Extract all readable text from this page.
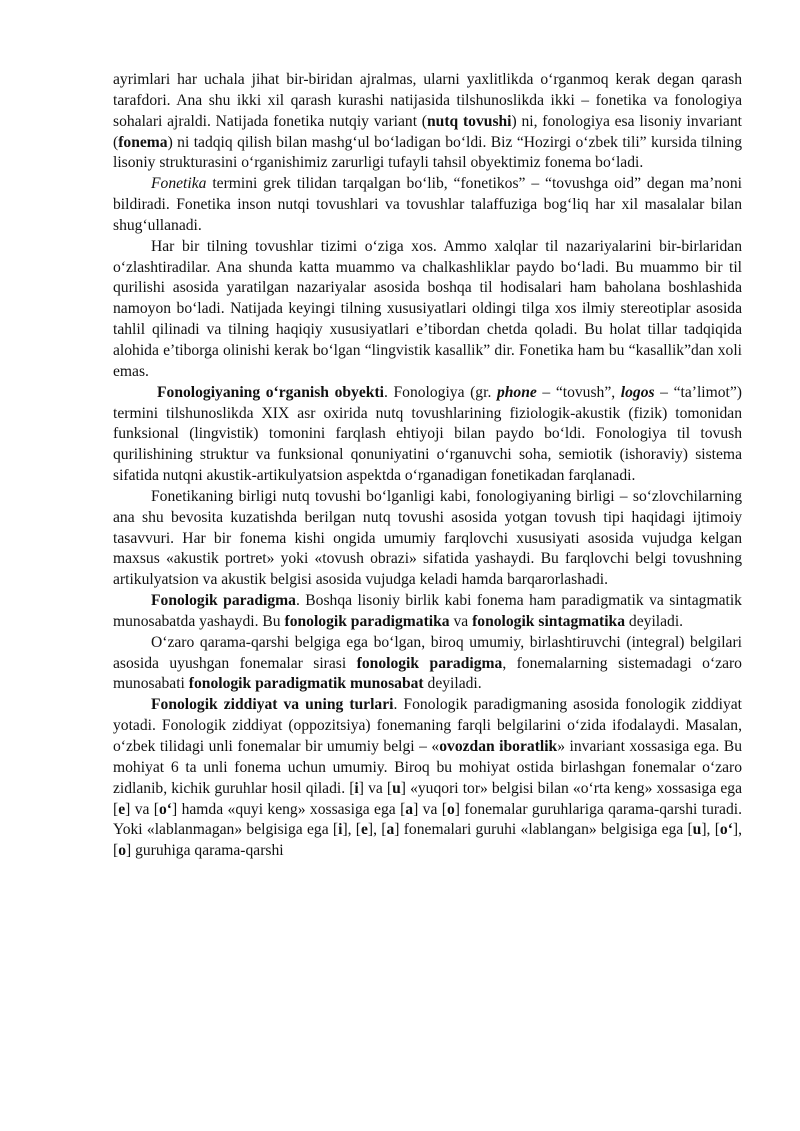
ayrimlari har uchala jihat bir-biridan ajralmas, ularni yaxlitlikda o‘rganmoq kerak degan qarash tarafdori. Ana shu ikki xil qarash kurashi natijasida tilshunoslikda ikki – fonetika va fonologiya sohalari ajraldi. Natijada fonetika nutqiy variant (nutq tovushi) ni, fonologiya esa lisoniy invariant (fonema) ni tadqiq qilish bilan mashg‘ul bo‘ladigan bo‘ldi. Biz “Hozirgi o‘zbek tili” kursida tilning lisoniy strukturasini o‘rganishimiz zarurligi tufayli tahsil obyektimiz fonema bo‘ladi.

Fonetika termini grek tilidan tarqalgan bo‘lib, “fonetikos” – “tovushga oid” degan ma’noni bildiradi. Fonetika inson nutqi tovushlari va tovushlar talaffuziga bog‘liq har xil masalalar bilan shug‘ullanadi.

Har bir tilning tovushlar tizimi o‘ziga xos. Ammo xalqlar til nazariyalarini bir-birlaridan o‘zlashtiradilar. Ana shunda katta muammo va chalkashliklar paydo bo‘ladi. Bu muammo bir til qurilishi asosida yaratilgan nazariyalar asosida boshqa til hodisalari ham baholana boshlashida namoyon bo‘ladi. Natijada keyingi tilning xususiyatlari oldingi tilga xos ilmiy stereotiplar asosida tahlil qilinadi va tilning haqiqiy xususiyatlari e’tibordan chetda qoladi. Bu holat tillar tadqiqida alohida e’tiborga olinishi kerak bo‘lgan “lingvistik kasallik” dir. Fonetika ham bu “kasallik”dan xoli emas.

Fonologiyaning o‘rganish obyekti. Fonologiya (gr. phone – “tovush”, logos – “ta’limot”) termini tilshunoslikda XIX asr oxirida nutq tovushlarining fiziologik-akustik (fizik) tomonidan funksional (lingvistik) tomonini farqlash ehtiyoji bilan paydo bo‘ldi. Fonologiya til tovush qurilishining struktur va funksional qonuniyatini o‘rganuvchi soha, semiotik (ishoraviy) sistema sifatida nutqni akustik-artikulyatsion aspektda o‘rganadigan fonetikadan farqlanadi.

Fonetikaning birligi nutq tovushi bo‘lganligi kabi, fonologiyaning birligi – so‘zlovchilarning ana shu bevosita kuzatishda berilgan nutq tovushi asosida yotgan tovush tipi haqidagi ijtimoiy tasavvuri. Har bir fonema kishi ongida umumiy farqlovchi xususiyati asosida vujudga kelgan maxsus «akustik portret» yoki «tovush obrazi» sifatida yashaydi. Bu farqlovchi belgi tovushning artikulyatsion va akustik belgisi asosida vujudga keladi hamda barqarorlashadi.

Fonologik paradigma. Boshqa lisoniy birlik kabi fonema ham paradigmatik va sintagmatik munosabatda yashaydi. Bu fonologik paradigmatika va fonologik sintagmatika deyiladi.

O‘zaro qarama-qarshi belgiga ega bo‘lgan, biroq umumiy, birlashtiruvchi (integral) belgilari asosida uyushgan fonemalar sirasi fonologik paradigma, fonemalarning sistemadagi o‘zaro munosabati fonologik paradigmatik munosabat deyiladi.

Fonologik ziddiyat va uning turlari. Fonologik paradigmaning asosida fonologik ziddiyat yotadi. Fonologik ziddiyat (oppozitsiya) fonemaning farqli belgilarini o‘zida ifodalaydi. Masalan, o‘zbek tilidagi unli fonemalar bir umumiy belgi – «ovozdan iboratlik» invariant xossasiga ega. Bu mohiyat 6 ta unli fonema uchun umumiy. Biroq bu mohiyat ostida birlashgan fonemalar o‘zaro zidlanib, kichik guruhlar hosil qiladi. [i] va [u] «yuqori tor» belgisi bilan «o‘rta keng» xossasiga ega [e] va [o‘] hamda «quyi keng» xossasiga ega [a] va [o] fonemalar guruhlariga qarama-qarshi turadi. Yoki «lablanmagan» belgisiga ega [i], [e], [a] fonemalari guruhi «lablangan» belgisiga ega [u], [o‘], [o] guruhiga qarama-qarshi
